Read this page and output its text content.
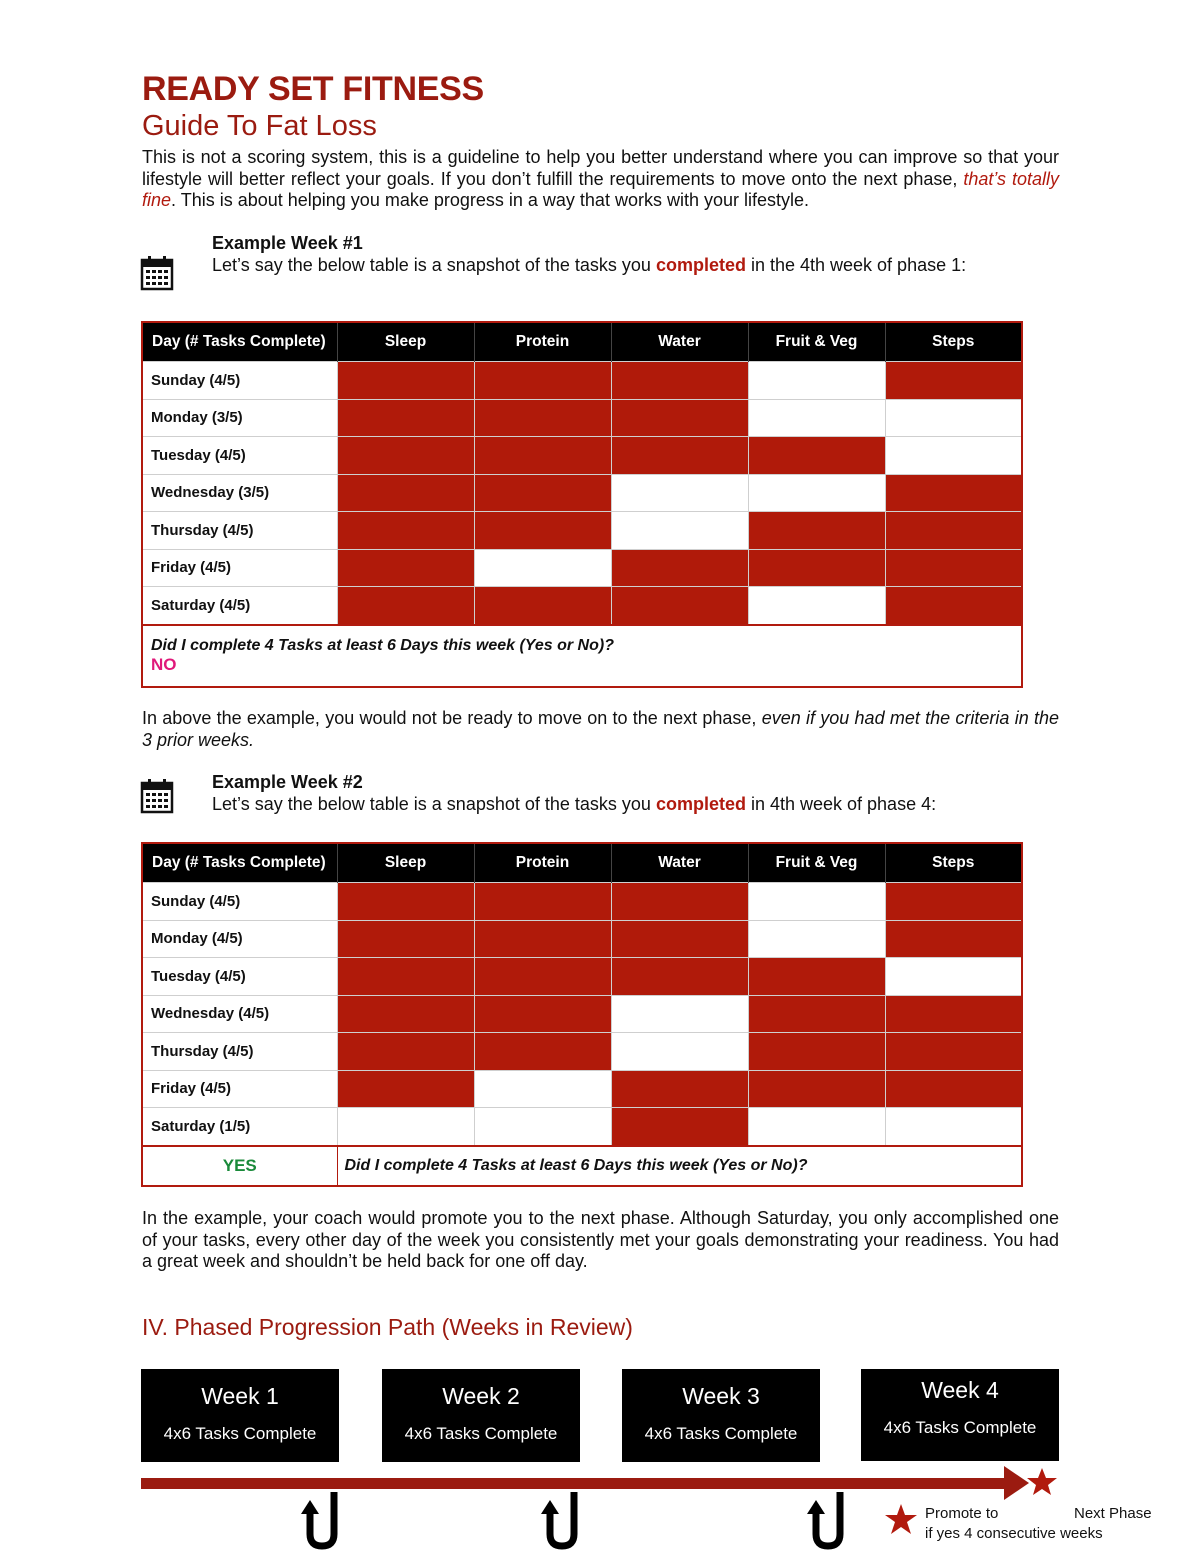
READY SET FITNESS
Guide To Fat Loss
This is not a scoring system, this is a guideline to help you better understand where you can improve so that your lifestyle will better reflect your goals. If you don’t fulfill the requirements to move onto the next phase, that’s totally fine. This is about helping you make progress in a way that works with your lifestyle.
Example Week #1
Let’s say the below table is a snapshot of the tasks you completed in the 4th week of phase 1:
Day (# Tasks Complete)	Sleep	Protein	Water	Fruit & Veg	Steps
Sunday (4/5)					
Monday (3/5)					
Tuesday (4/5)					
Wednesday (3/5)					
Thursday (4/5)					
Friday (4/5)					
Saturday (4/5)					

Did I complete 4 Tasks at least 6 Days this week (Yes or No)?
NO					
In above the example, you would not be ready to move on to the next phase, even if you had met the criteria in the 3 prior weeks.
Example Week #2
Let’s say the below table is a snapshot of the tasks you completed in 4th week of phase 4:
Day (# Tasks Complete)	Sleep	Protein	Water	Fruit & Veg	Steps
Sunday (4/5)					
Monday (4/5)					
Tuesday (4/5)					
Wednesday (4/5)					
Thursday (4/5)					
Friday (4/5)					
Saturday (1/5)					
YES	Did I complete 4 Tasks at least 6 Days this week (Yes or No)?				
In the example, your coach would promote you to the next phase. Although Saturday, you only accomplished one of your tasks, every other day of the week you consistently met your goals demonstrating your readiness. You had a great week and shouldn’t be held back for one off day.
IV. Phased Progression Path (Weeks in Review)
Week 1
4x6 Tasks Complete
Week 2
4x6 Tasks Complete
Week 3
4x6 Tasks Complete
Week 4
4x6 Tasks Complete
Promote to	Next Phase
if yes 4 consecutive weeks
